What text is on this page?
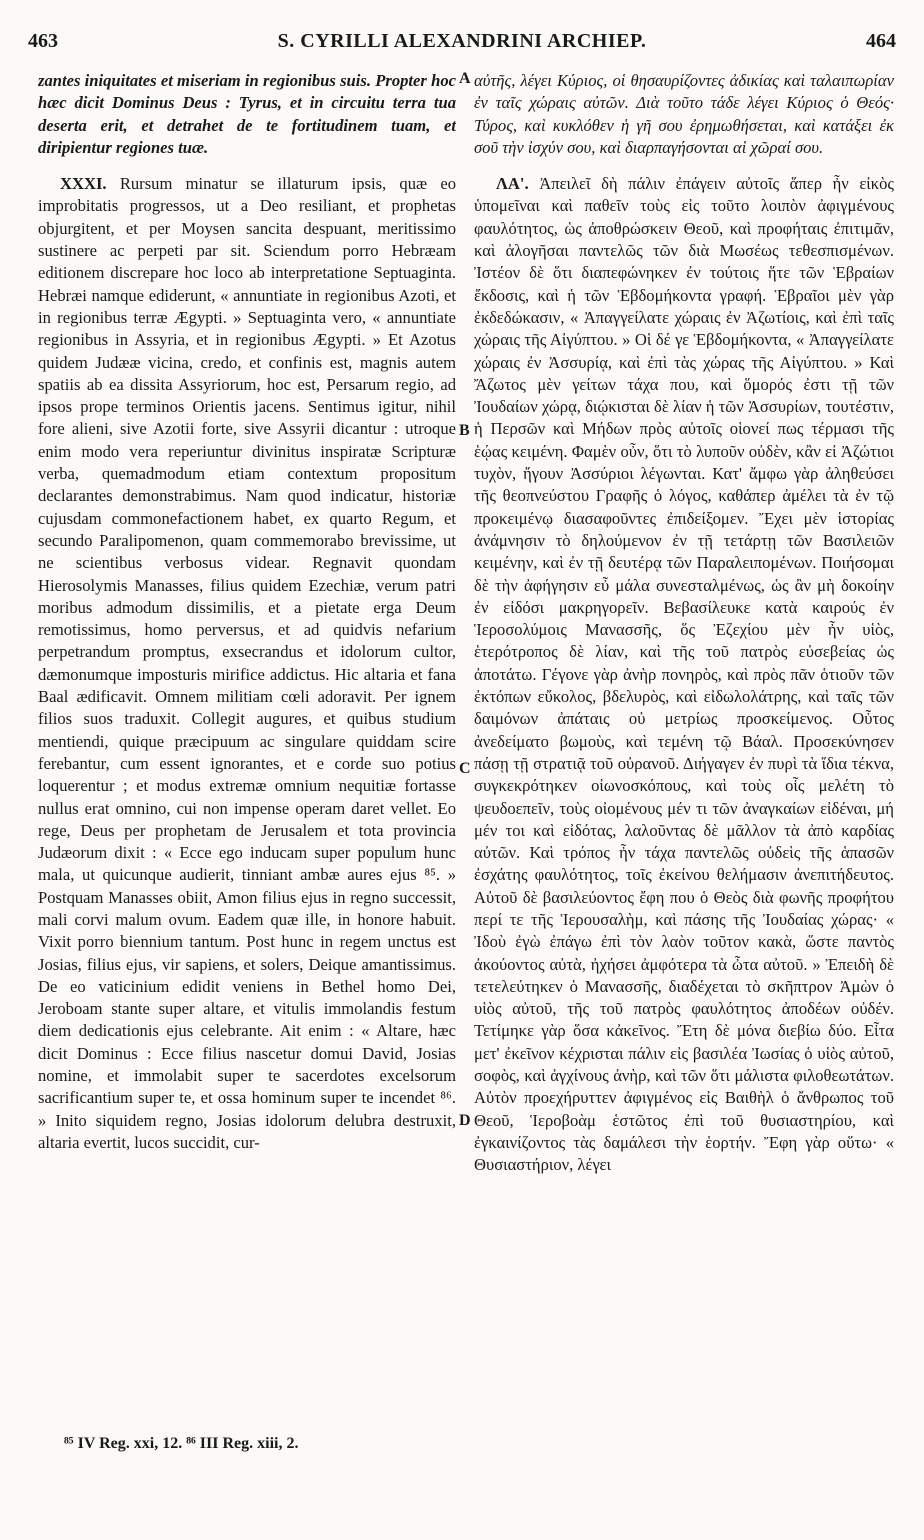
463	S. CYRILLI ALEXANDRINI ARCHIEP.	464

zantes iniquitates et miseriam in regionibus suis. Propter hoc hæc dicit Dominus Deus : Tyrus, et in circuitu terra tua deserta erit, et detrahet de te fortitudinem tuam, et diripientur regiones tuæ.

XXXI. Rursum minatur se illaturum ipsis, quæ eo improbitatis progressos, ut a Deo resiliant, et prophetas objurgitent, et per Moysen sancita despuant, meritissimo sustinere ac perpeti par sit. Sciendum porro Hebræam editionem discrepare hoc loco ab interpretatione Septuaginta. Hebræi namque ediderunt, « annuntiate in regionibus Azoti, et in regionibus terræ Ægypti. » Septuaginta vero, « annuntiate regionibus in Assyria, et in regionibus Ægypti. » Et Azotus quidem Judææ vicina, credo, et confinis est, magnis autem spatiis ab ea dissita Assyriorum, hoc est, Persarum regio, ad ipsos prope terminos Orientis jacens. Sentimus igitur, nihil fore alieni, sive Azotii forte, sive Assyrii dicantur : utroque enim modo vera reperiuntur divinitus inspiratæ Scripturæ verba, quemadmodum etiam contextum propositum declarantes demonstrabimus. Nam quod indicatur, historiæ cujusdam commonefactionem habet, ex quarto Regum, et secundo Paralipomenon, quam commemorabo brevissime, ut ne scientibus verbosus videar. Regnavit quondam Hierosolymis Manasses, filius quidem Ezechiæ, verum patri moribus admodum dissimilis, et a pietate erga Deum remotissimus, homo perversus, et ad quidvis nefarium perpetrandum promptus, exsecrandus et idolorum cultor, dæmonumque imposturis mirifice addictus. Hic altaria et fana Baal ædificavit. Omnem militiam cœli adoravit. Per ignem filios suos traduxit. Collegit augures, et quibus studium mentiendi, quique præcipuum ac singulare quiddam scire ferebantur, cum essent ignorantes, et e corde suo potius loquerentur ; et modus extremæ omnium nequitiæ fortasse nullus erat omnino, cui non impense operam daret vellet. Eo rege, Deus per prophetam de Jerusalem et tota provincia Judæorum dixit : « Ecce ego inducam super populum hunc mala, ut quicunque audierit, tinniant ambæ aures ejus ⁸⁵. » Postquam Manasses obiit, Amon filius ejus in regno successit, mali corvi malum ovum. Eadem quæ ille, in honore habuit. Vixit porro biennium tantum. Post hunc in regem unctus est Josias, filius ejus, vir sapiens, et solers, Deique amantissimus. De eo vaticinium edidit veniens in Bethel homo Dei, Jeroboam stante super altare, et vitulis immolandis festum diem dedicationis ejus celebrante. Ait enim : « Altare, hæc dicit Dominus : Ecce filius nascetur domui David, Josias nomine, et immolabit super te sacerdotes excelsorum sacrificantium super te, et ossa hominum super te incendet ⁸⁶. » Inito siquidem regno, Josias idolorum delubra destruxit, altaria evertit, lucos succidit, cur-

αὐτῆς, λέγει Κύριος, οἱ θησαυρίζοντες ἀδικίας καὶ ταλαιπωρίαν ἐν ταῖς χώραις αὐτῶν. Διὰ τοῦτο τάδε λέγει Κύριος ὁ Θεός· Τύρος, καὶ κυκλόθεν ἡ γῆ σου ἐρημωθήσεται, καὶ κατάξει ἐκ σοῦ τὴν ἰσχύν σου, καὶ διαρπαγήσονται αἱ χῶραί σου.

ΛΑ'. Ἀπειλεῖ δὴ πάλιν ἐπάγειν αὐτοῖς ἅπερ ἦν εἰκὸς ὑπομεῖναι καὶ παθεῖν τοὺς εἰς τοῦτο λοιπὸν ἀφιγμένους φαυλότητος, ὡς ἀποθρώσκειν Θεοῦ, καὶ προφήταις ἐπιτιμᾶν, καὶ ἀλογῆσαι παντελῶς τῶν διὰ Μωσέως τεθεσπισμένων. Ἰστέον δὲ ὅτι διαπεφώνηκεν ἐν τούτοις ἥτε τῶν Ἑβραίων ἔκδοσις, καὶ ἡ τῶν Ἑβδομήκοντα γραφή. Ἑβραῖοι μὲν γὰρ ἐκδεδώκασιν, « Ἀπαγγείλατε χώραις ἐν Ἀζωτίοις, καὶ ἐπὶ ταῖς χώραις τῆς Αἰγύπτου. » Οἱ δέ γε Ἑβδομήκοντα, « Ἀπαγγείλατε χώραις ἐν Ἀσσυρίᾳ, καὶ ἐπὶ τὰς χώρας τῆς Αἰγύπτου. » Καὶ Ἄζωτος μὲν γείτων τάχα που, καὶ ὅμορός ἐστι τῇ τῶν Ἰουδαίων χώρᾳ, διῴκισται δὲ λίαν ἡ τῶν Ἀσσυρίων, τουτέστιν, ἡ Περσῶν καὶ Μήδων πρὸς αὐτοῖς οἱονεί πως τέρμασι τῆς ἑῴας κειμένη. Φαμὲν οὖν, ὅτι τὸ λυποῦν οὐδὲν, κἂν εἰ Ἀζώτιοι τυχὸν, ἤγουν Ἀσσύριοι λέγωνται. Κατ' ἄμφω γὰρ ἀληθεύσει τῆς θεοπνεύστου Γραφῆς ὁ λόγος, καθάπερ ἀμέλει τὰ ἐν τῷ προκειμένῳ διασαφοῦντες ἐπιδείξομεν. Ἔχει μὲν ἱστορίας ἀνάμνησιν τὸ δηλούμενον ἐν τῇ τετάρτῃ τῶν Βασιλειῶν κειμένην, καὶ ἐν τῇ δευτέρᾳ τῶν Παραλειπομένων. Ποιήσομαι δὲ τὴν ἀφήγησιν εὖ μάλα συνεσταλμένως, ὡς ἂν μὴ δοκοίην ἐν εἰδόσι μακρηγορεῖν. Βεβασίλευκε κατὰ καιρούς ἐν Ἱεροσολύμοις Μανασσῆς, ὅς Ἐζεχίου μὲν ἦν υἱὸς, ἑτερότροπος δὲ λίαν, καὶ τῆς τοῦ πατρὸς εὐσεβείας ὡς ἀποτάτω. Γέγονε γὰρ ἀνὴρ πονηρὸς, καὶ πρὸς πᾶν ὁτιοῦν τῶν ἐκτόπων εὔκολος, βδελυρὸς, καὶ εἰδωλολάτρης, καὶ ταῖς τῶν δαιμόνων ἀπάταις οὐ μετρίως προσκείμενος. Οὗτος ἀνεδείματο βωμοὺς, καὶ τεμένη τῷ Βάαλ. Προσεκύνησεν πάσῃ τῇ στρατιᾷ τοῦ οὐρανοῦ. Διήγαγεν ἐν πυρὶ τὰ ἴδια τέκνα, συγκεκρότηκεν οἰωνοσκόπους, καὶ τοὺς οἷς μελέτη τὸ ψευδοεπεῖν, τοὺς οἰομένους μέν τι τῶν ἀναγκαίων εἰδέναι, μή μέν τοι καὶ εἰδότας, λαλοῦντας δὲ μᾶλλον τὰ ἀπὸ καρδίας αὐτῶν. Καὶ τρόπος ἦν τάχα παντελῶς οὐδεὶς τῆς ἁπασῶν ἐσχάτης φαυλότητος, τοῖς ἐκείνου θελήμασιν ἀνεπιτήδευτος. Αὐτοῦ δὲ βασιλεύοντος ἔφη που ὁ Θεὸς διὰ φωνῆς προφήτου περί τε τῆς Ἱερουσαλὴμ, καὶ πάσης τῆς Ἰουδαίας χώρας· « Ἰδοὺ ἐγὼ ἐπάγω ἐπὶ τὸν λαὸν τοῦτον κακὰ, ὥστε παντὸς ἀκούοντος αὐτὰ, ἠχήσει ἀμφότερα τὰ ὦτα αὐτοῦ. » Ἐπειδὴ δὲ τετελεύτηκεν ὁ Μανασσῆς, διαδέχεται τὸ σκῆπτρον Ἀμὼν ὁ υἱὸς αὐτοῦ, τῆς τοῦ πατρὸς φαυλότητος ἀποδέων οὐδέν. Τετίμηκε γὰρ ὅσα κἀκεῖνος. Ἔτη δὲ μόνα διεβίω δύο. Εἶτα μετ' ἐκεῖνον κέχρισται πάλιν εἰς βασιλέα Ἰωσίας ὁ υἱὸς αὐτοῦ, σοφὸς, καὶ ἀγχίνους ἀνὴρ, καὶ τῶν ὅτι μάλιστα φιλοθεωτάτων. Αὐτὸν προεχήρυττεν ἀφιγμένος εἰς Βαιθὴλ ὁ ἄνθρωπος τοῦ Θεοῦ, Ἱεροβοὰμ ἑστῶτος ἐπὶ τοῦ θυσιαστηρίου, καὶ ἐγκαινίζοντος τὰς δαμάλεσι τὴν ἑορτήν. Ἔφη γὰρ οὕτω· « Θυσιαστήριον, λέγει

A
B
C
D
⁸⁵ IV Reg. xxi, 12. ⁸⁶ III Reg. xiii, 2.
